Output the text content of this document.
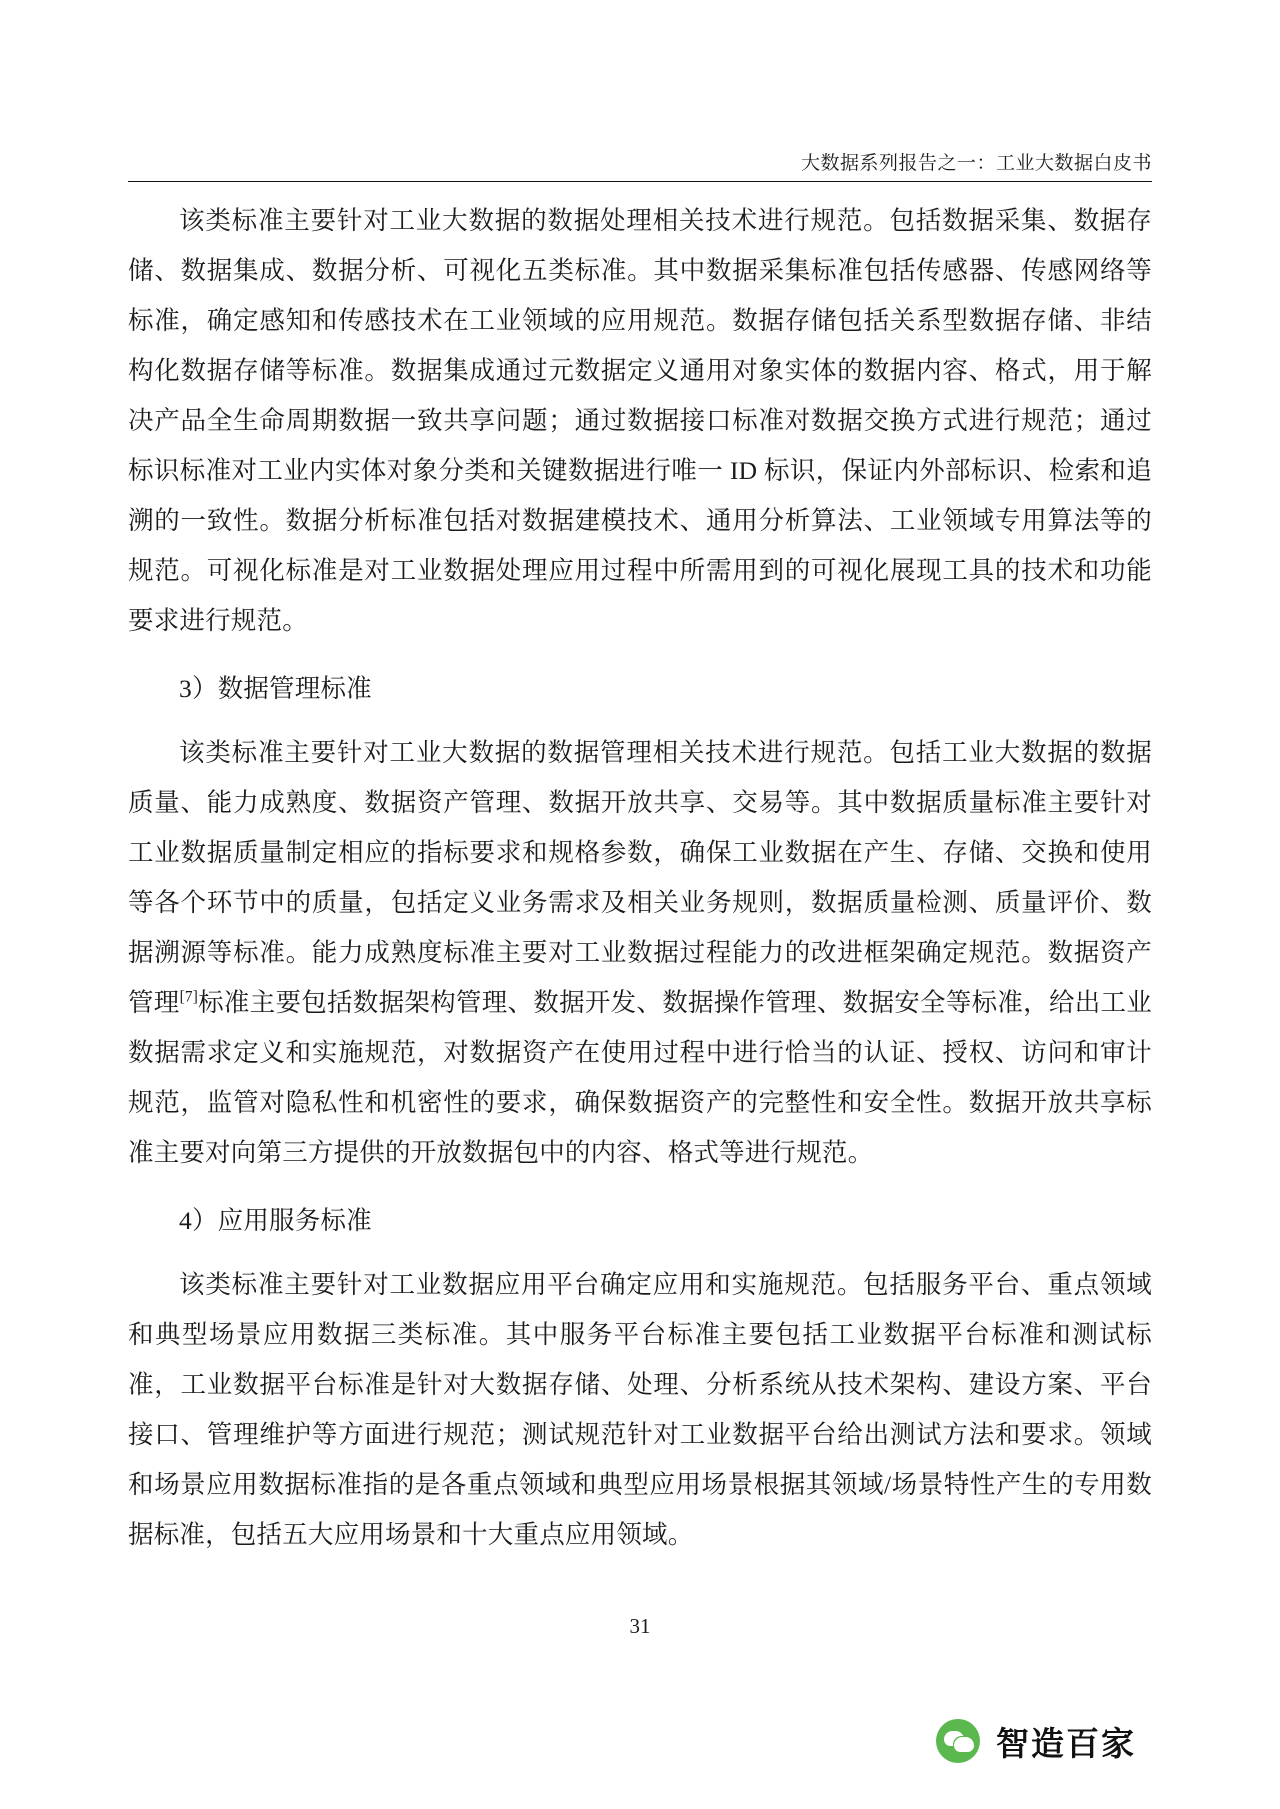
大数据系列报告之一：工业大数据白皮书

该类标准主要针对工业大数据的数据处理相关技术进行规范。包括数据采集、数据存储、数据集成、数据分析、可视化五类标准。其中数据采集标准包括传感器、传感网络等标准，确定感知和传感技术在工业领域的应用规范。数据存储包括关系型数据存储、非结构化数据存储等标准。数据集成通过元数据定义通用对象实体的数据内容、格式，用于解决产品全生命周期数据一致共享问题；通过数据接口标准对数据交换方式进行规范；通过标识标准对工业内实体对象分类和关键数据进行唯一 ID 标识，保证内外部标识、检索和追溯的一致性。数据分析标准包括对数据建模技术、通用分析算法、工业领域专用算法等的规范。可视化标准是对工业数据处理应用过程中所需用到的可视化展现工具的技术和功能要求进行规范。

3）数据管理标准

该类标准主要针对工业大数据的数据管理相关技术进行规范。包括工业大数据的数据质量、能力成熟度、数据资产管理、数据开放共享、交易等。其中数据质量标准主要针对工业数据质量制定相应的指标要求和规格参数，确保工业数据在产生、存储、交换和使用等各个环节中的质量，包括定义业务需求及相关业务规则，数据质量检测、质量评价、数据溯源等标准。能力成熟度标准主要对工业数据过程能力的改进框架确定规范。数据资产管理[7]标准主要包括数据架构管理、数据开发、数据操作管理、数据安全等标准，给出工业数据需求定义和实施规范，对数据资产在使用过程中进行恰当的认证、授权、访问和审计规范，监管对隐私性和机密性的要求，确保数据资产的完整性和安全性。数据开放共享标准主要对向第三方提供的开放数据包中的内容、格式等进行规范。

4）应用服务标准

该类标准主要针对工业数据应用平台确定应用和实施规范。包括服务平台、重点领域和典型场景应用数据三类标准。其中服务平台标准主要包括工业数据平台标准和测试标准，工业数据平台标准是针对大数据存储、处理、分析系统从技术架构、建设方案、平台接口、管理维护等方面进行规范；测试规范针对工业数据平台给出测试方法和要求。领域和场景应用数据标准指的是各重点领域和典型应用场景根据其领域/场景特性产生的专用数据标准，包括五大应用场景和十大重点应用领域。

31
智造百家
